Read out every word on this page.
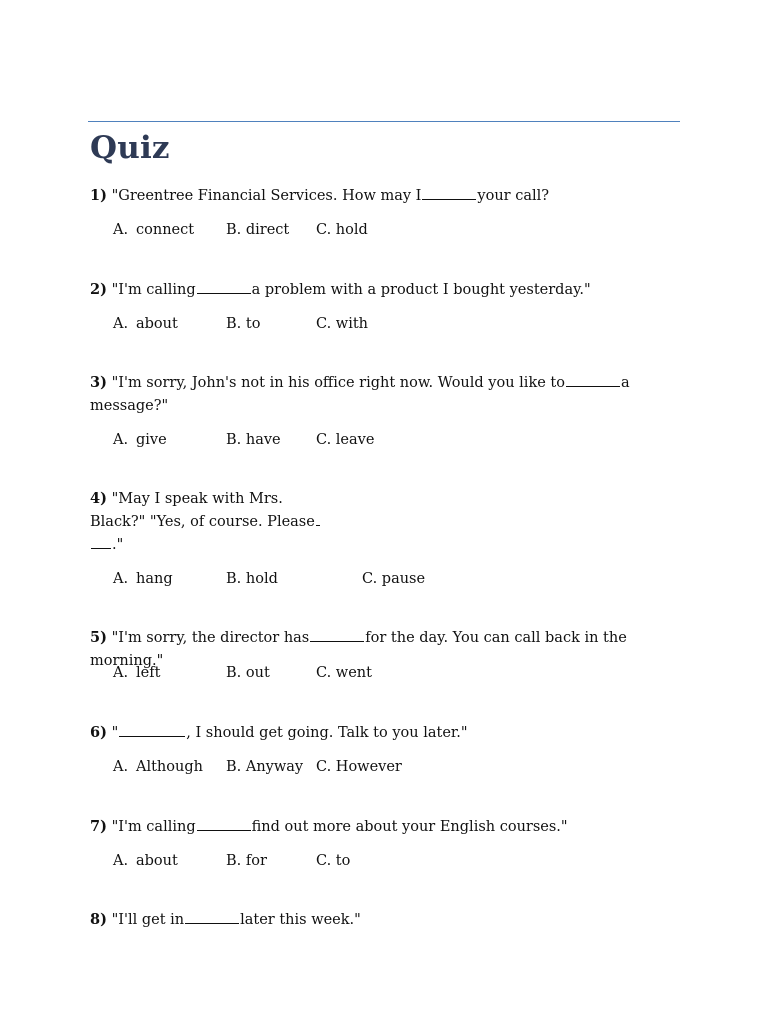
Quiz

1) "Greentree Financial Services. How may I	your call?

A. connect B. direct C. hold

2) "I'm calling	a problem with a product I bought yesterday."

A. about	B. to	C. with

3) "I'm sorry, John's not in his office right now. Would you like to	a
message?"

A. give	B. have C. leave

4) "May I speak with Mrs.
Black?" "Yes, of course. Please
."

A. hang	B. hold	C. pause

5) "I'm sorry, the director has	for the day. You can call back in the morning."

A. left	B. out	C. went

6) "	, I should get going. Talk to you later."

A. Although B. Anyway C. However

7) "I'm calling	find out more about your English courses."

A. about	B. for	C. to

8) "I'll get in	later this week."
